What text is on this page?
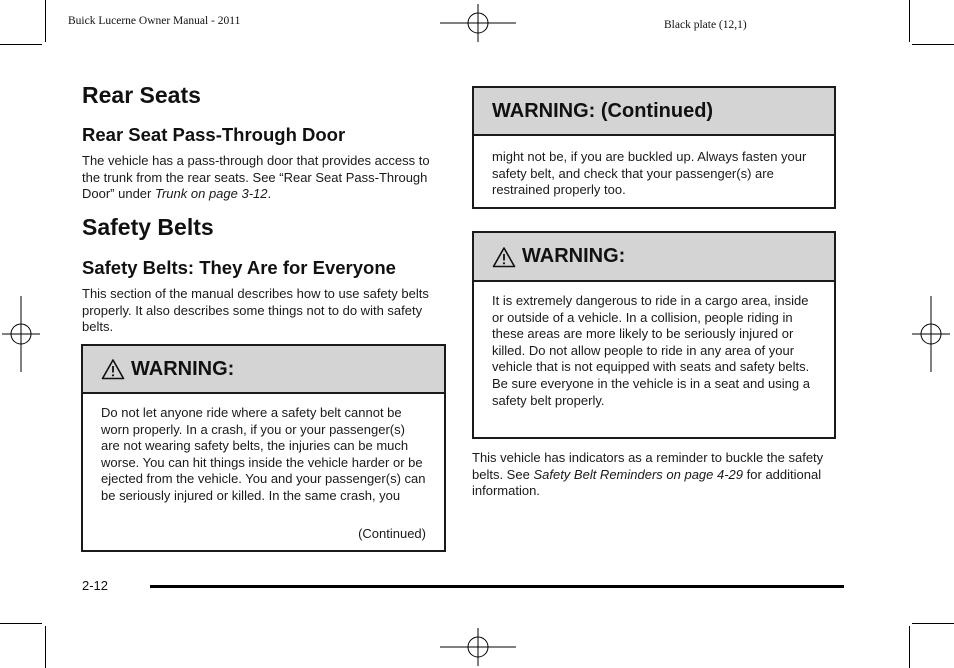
Buick Lucerne Owner Manual - 2011	Black plate (12,1)
Rear Seats
Rear Seat Pass-Through Door

The vehicle has a pass-through door that provides access to the trunk from the rear seats. See “Rear Seat Pass-Through Door” under Trunk on page 3-12.

Safety Belts
Safety Belts: They Are for Everyone

This section of the manual describes how to use safety belts properly. It also describes some things not to do with safety belts.

WARNING:
Do not let anyone ride where a safety belt cannot be worn properly. In a crash, if you or your passenger(s) are not wearing safety belts, the injuries can be much worse. You can hit things inside the vehicle harder or be ejected from the vehicle. You and your passenger(s) can be seriously injured or killed. In the same crash, you
(Continued)
WARNING: (Continued)
might not be, if you are buckled up. Always fasten your safety belt, and check that your passenger(s) are restrained properly too.
WARNING:
It is extremely dangerous to ride in a cargo area, inside or outside of a vehicle. In a collision, people riding in these areas are more likely to be seriously injured or killed. Do not allow people to ride in any area of your vehicle that is not equipped with seats and safety belts. Be sure everyone in the vehicle is in a seat and using a safety belt properly.

This vehicle has indicators as a reminder to buckle the safety belts. See Safety Belt Reminders on page 4-29 for additional information.

2-12
